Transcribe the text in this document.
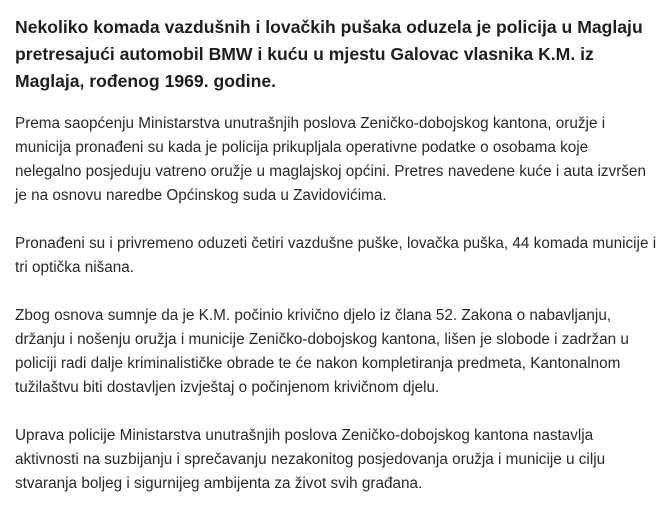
Nekoliko komada vazdušnih i lovačkih pušaka oduzela je policija u Maglaju pretresajući automobil BMW i kuću u mjestu Galovac vlasnika K.M. iz Maglaja, rođenog 1969. godine.

Prema saopćenju Ministarstva unutrašnjih poslova Zeničko-dobojskog kantona, oružje i municija pronađeni su kada je policija prikupljala operativne podatke o osobama koje nelegalno posjeduju vatreno oružje u maglajskoj općini. Pretres navedene kuće i auta izvršen je na osnovu naredbe Općinskog suda u Zavidovićima.

Pronađeni su i privremeno oduzeti četiri vazdušne puške, lovačka puška, 44 komada municije i tri optička nišana.

Zbog osnova sumnje da je K.M. počinio krivično djelo iz člana 52. Zakona o nabavljanju, držanju i nošenju oružja i municije Zeničko-dobojskog kantona, lišen je slobode i zadržan u policiji radi dalje kriminalističke obrade te će nakon kompletiranja predmeta, Kantonalnom tužilaštvu biti dostavljen izvještaj o počinjenom krivičnom djelu.

Uprava policije Ministarstva unutrašnjih poslova Zeničko-dobojskog kantona nastavlja aktivnosti na suzbijanju i sprečavanju nezakonitog posjedovanja oružja i municije u cilju stvaranja boljeg i sigurnijeg ambijenta za život svih građana.
